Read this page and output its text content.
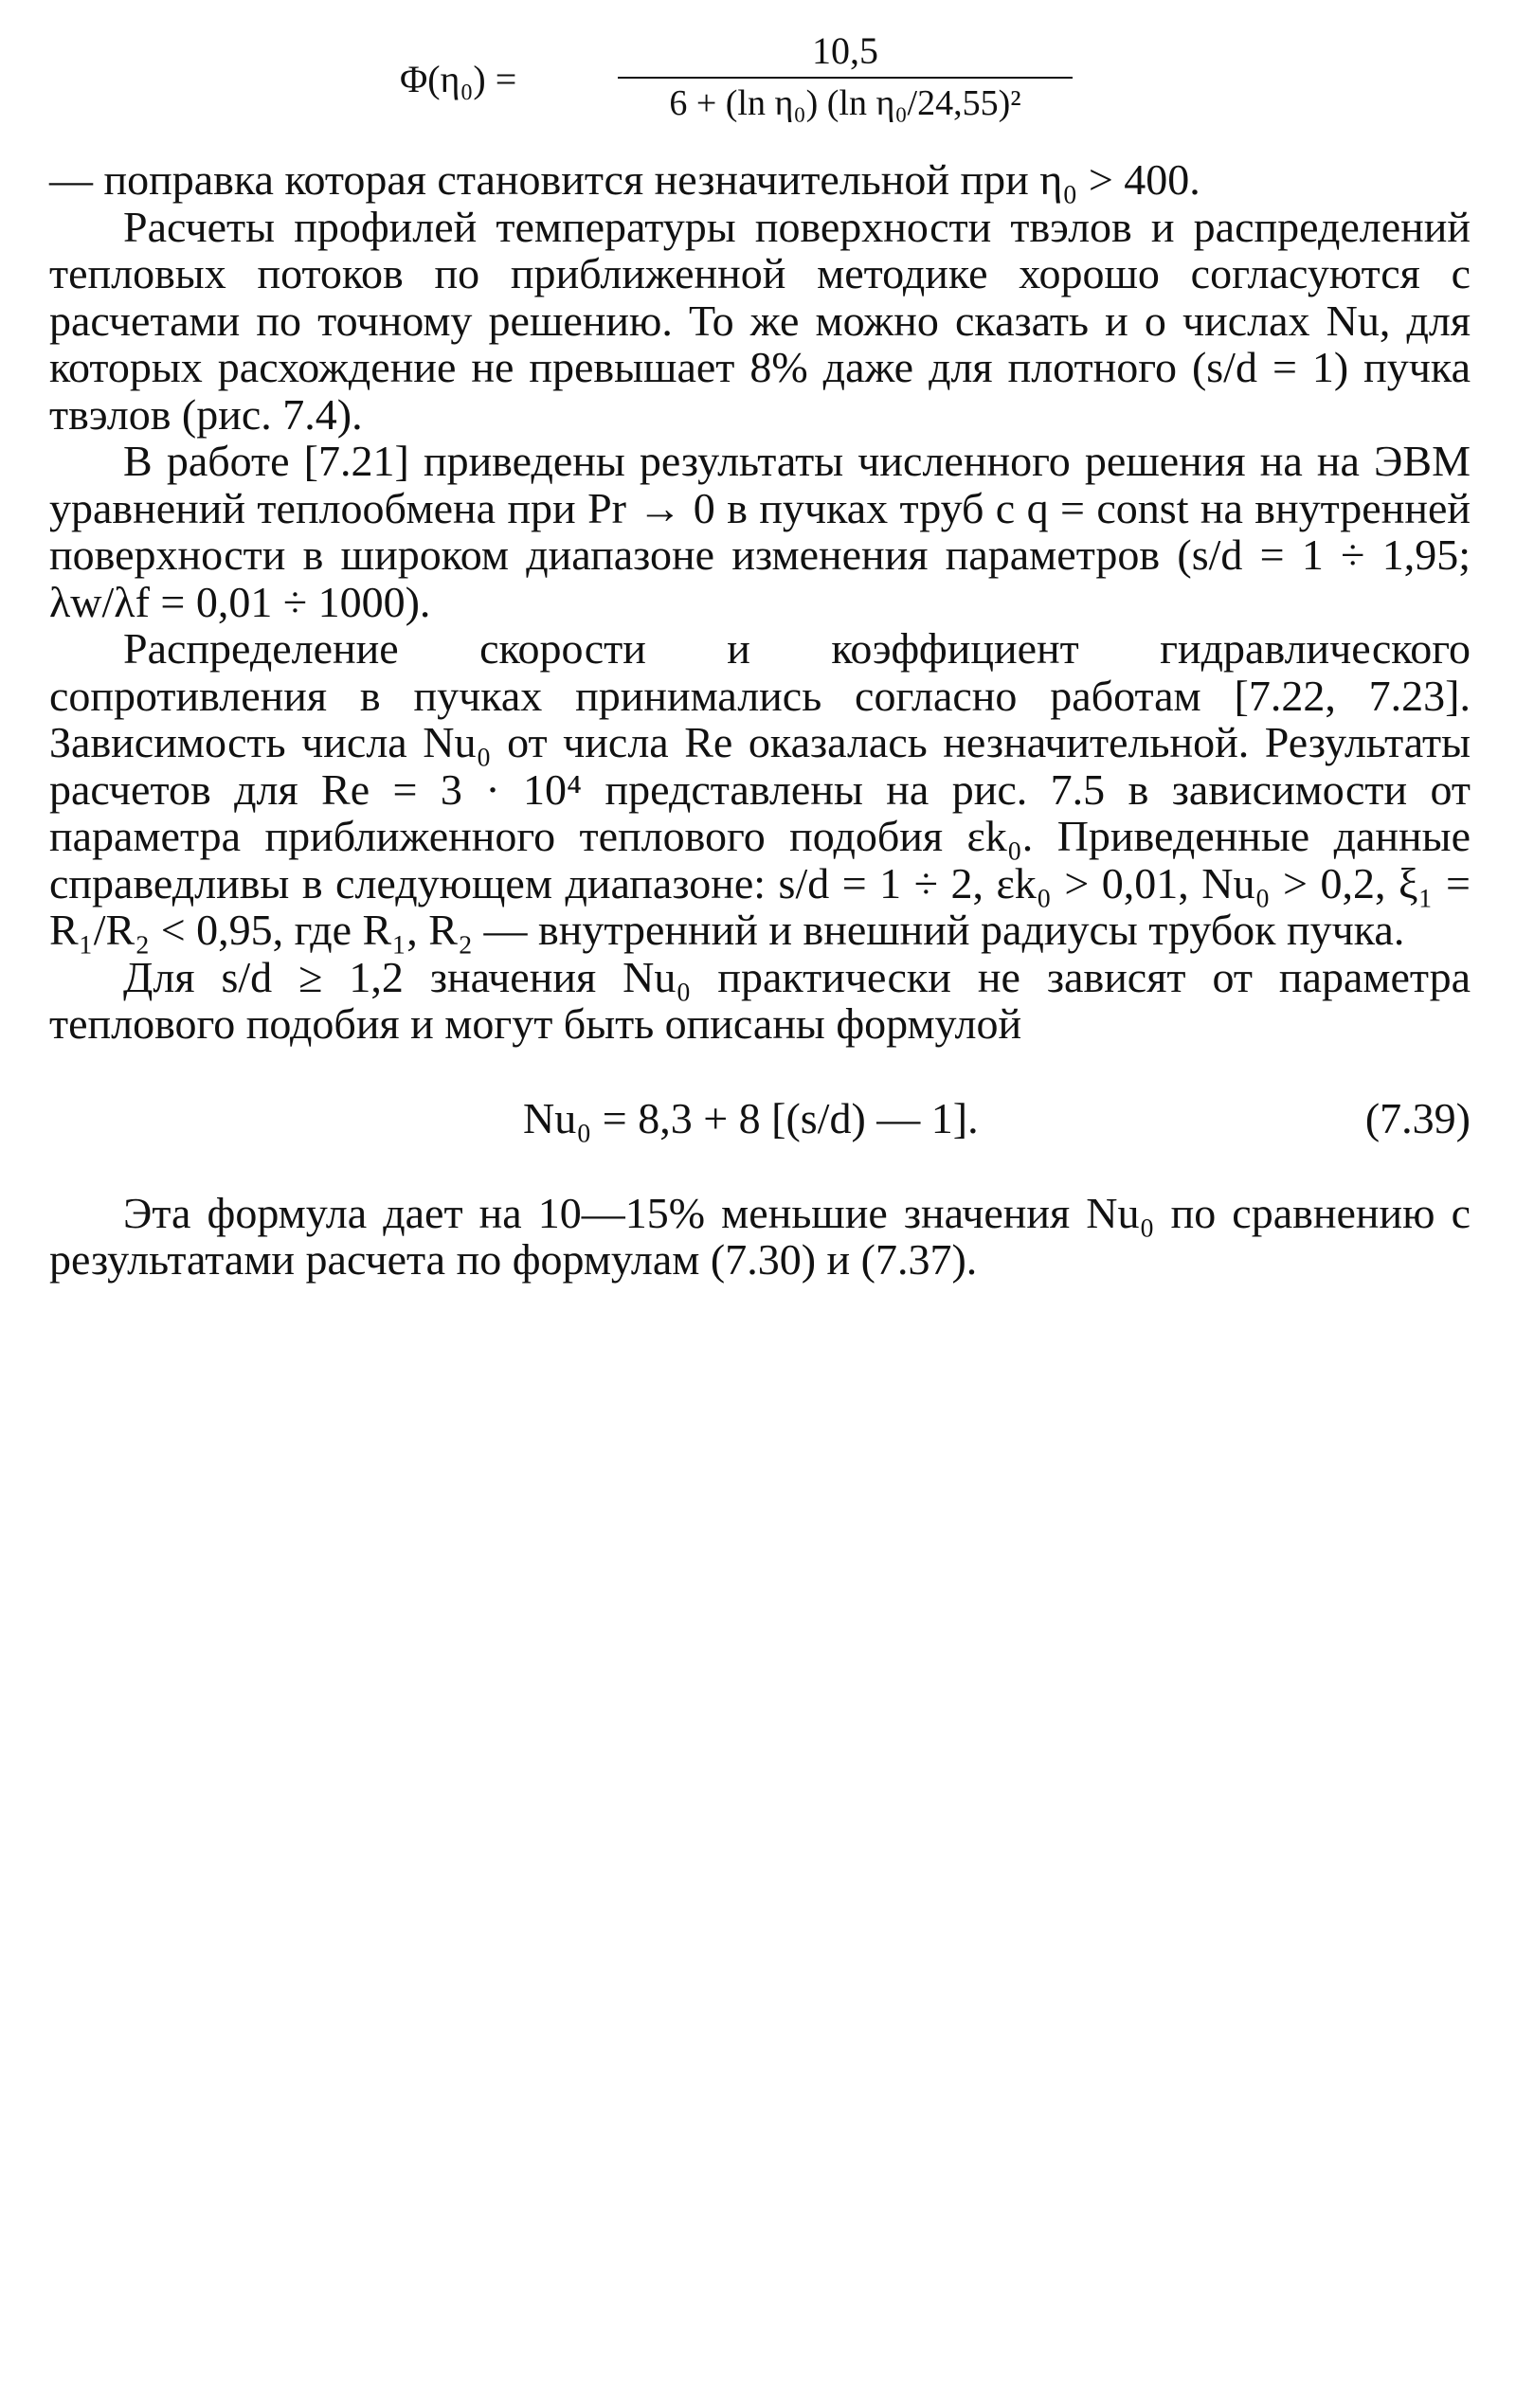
$\Phi(\eta_0) = \frac{10,5}{\text{6 + (ln η₀) (ln η₀/24,55)²}}$

— поправка которая становится незначительной при η₀ > 400.

Расчеты профилей температуры поверхности твэлов и распределений тепловых потоков по приближенной методике хорошо согласуются с расчетами по точному решению. То же можно сказать и о числах Nu, для которых расхождение не превышает 8% даже для плотного (s/d = 1) пучка твэлов (рис. 7.4).

В работе [7.21] приведены результаты численного решения на на ЭВМ уравнений теплообмена при Pr → 0 в пучках труб с q = const на внутренней поверхности в широком диапазоне изменения параметров (s/d = 1 ÷ 1,95; λw/λf = 0,01 ÷ 1000).

Распределение скорости и коэффициент гидравлического сопротивления в пучках принимались согласно работам [7.22, 7.23]. Зависимость числа Nu₀ от числа Re оказалась незначительной. Результаты расчетов для Re = 3 · 10⁴ представлены на рис. 7.5 в зависимости от параметра приближенного теплового подобия εk₀. Приведенные данные справедливы в следующем диапазоне: s/d = 1 ÷ 2, εk₀ > 0,01, Nu₀ > 0,2, ξ₁ = R₁/R₂ < 0,95, где R₁, R₂ — внутренний и внешний радиусы трубок пучка.

Для s/d ≥ 1,2 значения Nu₀ практически не зависят от параметра теплового подобия и могут быть описаны формулой

Nu₀ = 8,3 + 8 [(s/d) — 1].	(7.39)

Эта формула дает на 10—15% меньшие значения Nu₀ по сравнению с результатами расчета по формулам (7.30) и (7.37).
